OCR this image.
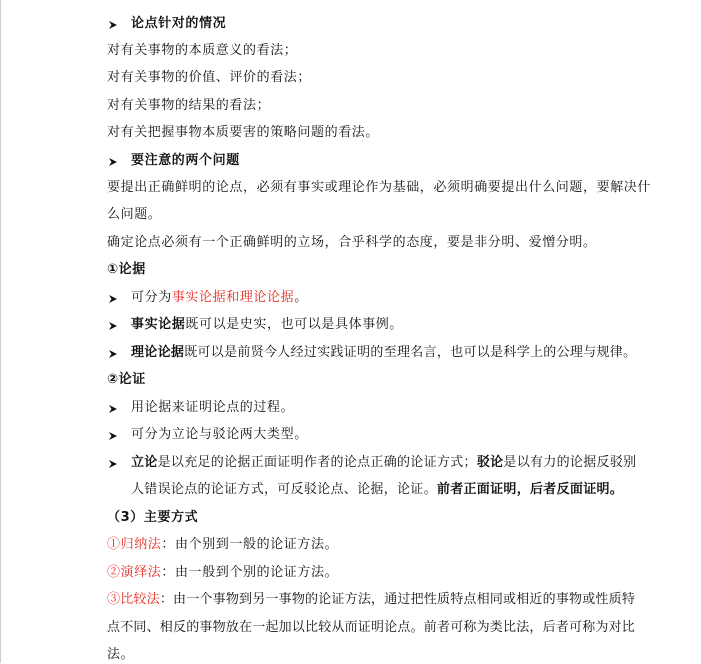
论点针对的情况
对有关事物的本质意义的看法；
对有关事物的价值、评价的看法；
对有关事物的结果的看法；
对有关把握事物本质要害的策略问题的看法。
要注意的两个问题
要提出正确鲜明的论点，必须有事实或理论作为基础，必须明确要提出什么问题，要解决什
么问题。
确定论点必须有一个正确鲜明的立场，合乎科学的态度，要是非分明、爱憎分明。
①论据
可分为事实论据和理论论据。
事实论据既可以是史实，也可以是具体事例。
理论论据既可以是前贤今人经过实践证明的至理名言，也可以是科学上的公理与规律。
②论证
用论据来证明论点的过程。
可分为立论与驳论两大类型。
立论是以充足的论据正面证明作者的论点正确的论证方式；驳论是以有力的论据反驳别
人错误论点的论证方式，可反驳论点、论据，论证。前者正面证明，后者反面证明。
（3）主要方式
①归纳法：由个别到一般的论证方法。
②演绎法：由一般到个别的论证方法。
③比较法：由一个事物到另一事物的论证方法，通过把性质特点相同或相近的事物或性质特
点不同、相反的事物放在一起加以比较从而证明论点。前者可称为类比法，后者可称为对比
法。
